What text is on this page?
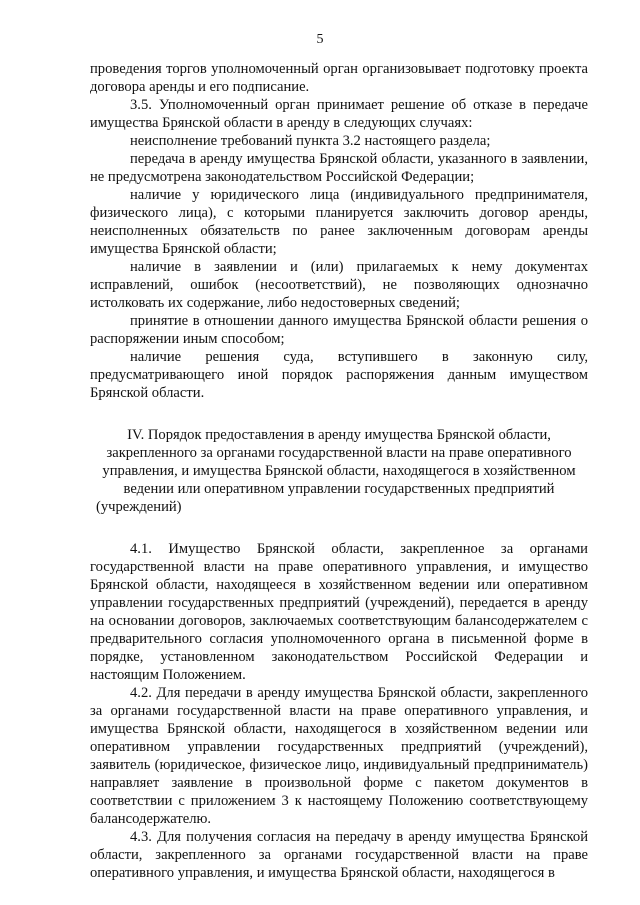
5

проведения торгов уполномоченный орган организовывает подготовку проекта договора аренды и его подписание.

3.5. Уполномоченный орган принимает решение об отказе в передаче имущества Брянской области в аренду в следующих случаях:

неисполнение требований пункта 3.2 настоящего раздела;

передача в аренду имущества Брянской области, указанного в заявлении, не предусмотрена законодательством Российской Федерации;

наличие у юридического лица (индивидуального предпринимателя, физического лица), с которыми планируется заключить договор аренды, неисполненных обязательств по ранее заключенным договорам аренды имущества Брянской области;

наличие в заявлении и (или) прилагаемых к нему документах исправлений, ошибок (несоответствий), не позволяющих однозначно истолковать их содержание, либо недостоверных сведений;

принятие в отношении данного имущества Брянской области решения о распоряжении иным способом;

наличие решения суда, вступившего в законную силу, предусматривающего иной порядок распоряжения данным имуществом Брянской области.

IV. Порядок предоставления в аренду имущества Брянской области, закрепленного за органами государственной власти на праве оперативного управления, и имущества Брянской области, находящегося в хозяйственном ведении или оперативном управлении государственных предприятий (учреждений)

4.1. Имущество Брянской области, закрепленное за органами государственной власти на праве оперативного управления, и имущество Брянской области, находящееся в хозяйственном ведении или оперативном управлении государственных предприятий (учреждений), передается в аренду на основании договоров, заключаемых соответствующим балансодержателем с предварительного согласия уполномоченного органа в письменной форме в порядке, установленном законодательством Российской Федерации и настоящим Положением.

4.2. Для передачи в аренду имущества Брянской области, закрепленного за органами государственной власти на праве оперативного управления, и имущества Брянской области, находящегося в хозяйственном ведении или оперативном управлении государственных предприятий (учреждений), заявитель (юридическое, физическое лицо, индивидуальный предприниматель) направляет заявление в произвольной форме с пакетом документов в соответствии с приложением 3 к настоящему Положению соответствующему балансодержателю.

4.3. Для получения согласия на передачу в аренду имущества Брянской области, закрепленного за органами государственной власти на праве оперативного управления, и имущества Брянской области, находящегося в
